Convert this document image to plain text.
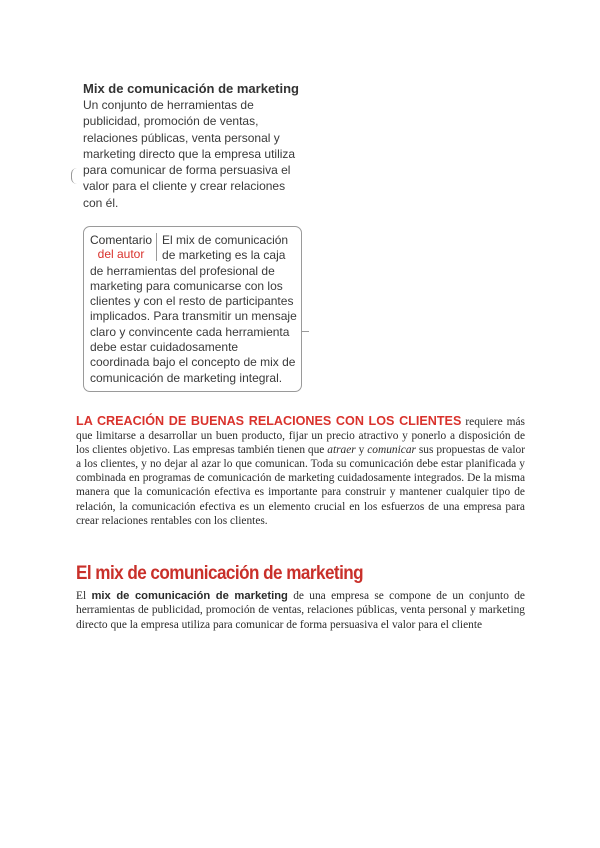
Mix de comunicación de marketing

Un conjunto de herramientas de publicidad, promoción de ventas, relaciones públicas, venta personal y marketing directo que la empresa utiliza para comunicar de forma persuasiva el valor para el cliente y crear relaciones con él.

Comentario
del autor
El mix de comunicación de marketing es la caja de herramientas del profesional de marketing para comunicarse con los clientes y con el resto de participantes implicados. Para transmitir un mensaje claro y convincente cada herramienta debe estar cuidadosamente coordinada bajo el concepto de mix de comunicación de marketing integral.

LA CREACIÓN DE BUENAS RELACIONES CON LOS CLIENTES requiere más que limitarse a desarrollar un buen producto, fijar un precio atractivo y ponerlo a disposición de los clientes objetivo. Las empresas también tienen que atraer y comunicar sus propuestas de valor a los clientes, y no dejar al azar lo que comunican. Toda su comunicación debe estar planificada y combinada en programas de comunicación de marketing cuidadosamente integrados. De la misma manera que la comunicación efectiva es importante para construir y mantener cualquier tipo de relación, la comunicación efectiva es un elemento crucial en los esfuerzos de una empresa para crear relaciones rentables con los clientes.

El mix de comunicación de marketing

El mix de comunicación de marketing de una empresa se compone de un conjunto de herramientas de publicidad, promoción de ventas, relaciones públicas, venta personal y marketing directo que la empresa utiliza para comunicar de forma persuasiva el valor para el cliente
